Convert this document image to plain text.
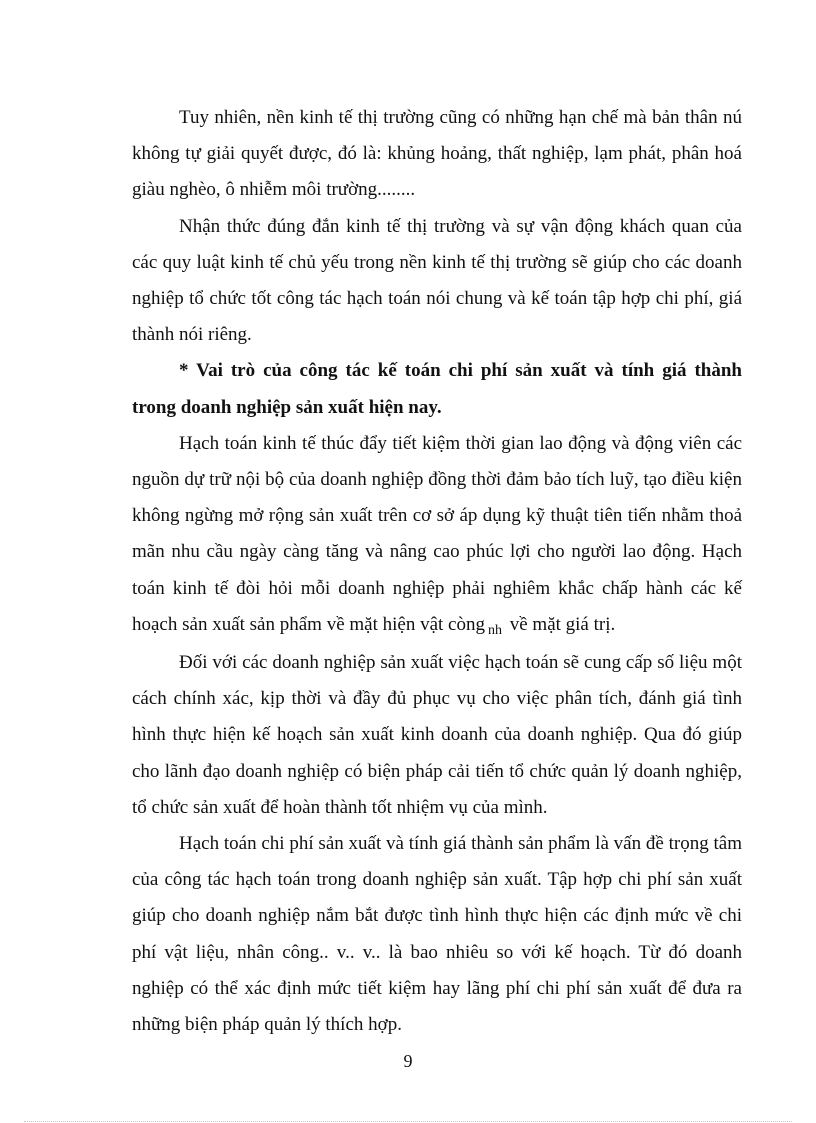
Tuy nhiên, nền kinh tế thị trường cũng có những hạn chế mà bản thân nú không tự giải quyết được, đó là: khủng hoảng, thất nghiệp, lạm phát, phân hoá giàu nghèo, ô nhiễm môi trường........

Nhận thức đúng đắn kinh tế thị trường và sự vận động khách quan của các quy luật kinh tế chủ yếu trong nền kinh tế thị trường sẽ giúp cho các doanh nghiệp tổ chức tốt công tác hạch toán nói chung và kế toán tập hợp chi phí, giá thành nói riêng.

* Vai trò của công tác kế toán chi phí sản xuất và tính giá thành trong doanh nghiệp sản xuất hiện nay.

Hạch toán kinh tế thúc đẩy tiết kiệm thời gian lao động và động viên các nguồn dự trữ nội bộ của doanh nghiệp đồng thời đảm bảo tích luỹ, tạo điều kiện không ngừng mở rộng sản xuất trên cơ sở áp dụng kỹ thuật tiên tiến nhằm thoả mãn nhu cầu ngày càng tăng và nâng cao phúc lợi cho người lao động. Hạch toán kinh tế đòi hỏi mỗi doanh nghiệp phải nghiêm khắc chấp hành các kế hoạch sản xuất sản phẩm về mặt hiện vật còng $_{nh}$ về mặt giá trị.

Đối với các doanh nghiệp sản xuất việc hạch toán sẽ cung cấp số liệu một cách chính xác, kịp thời và đầy đủ phục vụ cho việc phân tích, đánh giá tình hình thực hiện kế hoạch sản xuất kinh doanh của doanh nghiệp. Qua đó giúp cho lãnh đạo doanh nghiệp có biện pháp cải tiến tổ chức quản lý doanh nghiệp, tổ chức sản xuất để hoàn thành tốt nhiệm vụ của mình.

Hạch toán chi phí sản xuất và tính giá thành sản phẩm là vấn đề trọng tâm của công tác hạch toán trong doanh nghiệp sản xuất. Tập hợp chi phí sản xuất giúp cho doanh nghiệp nắm bắt được tình hình thực hiện các định mức về chi phí vật liệu, nhân công.. v.. v.. là bao nhiêu so với kế hoạch. Từ đó doanh nghiệp có thể xác định mức tiết kiệm hay lãng phí chi phí sản xuất để đưa ra những biện pháp quản lý thích hợp.

9
